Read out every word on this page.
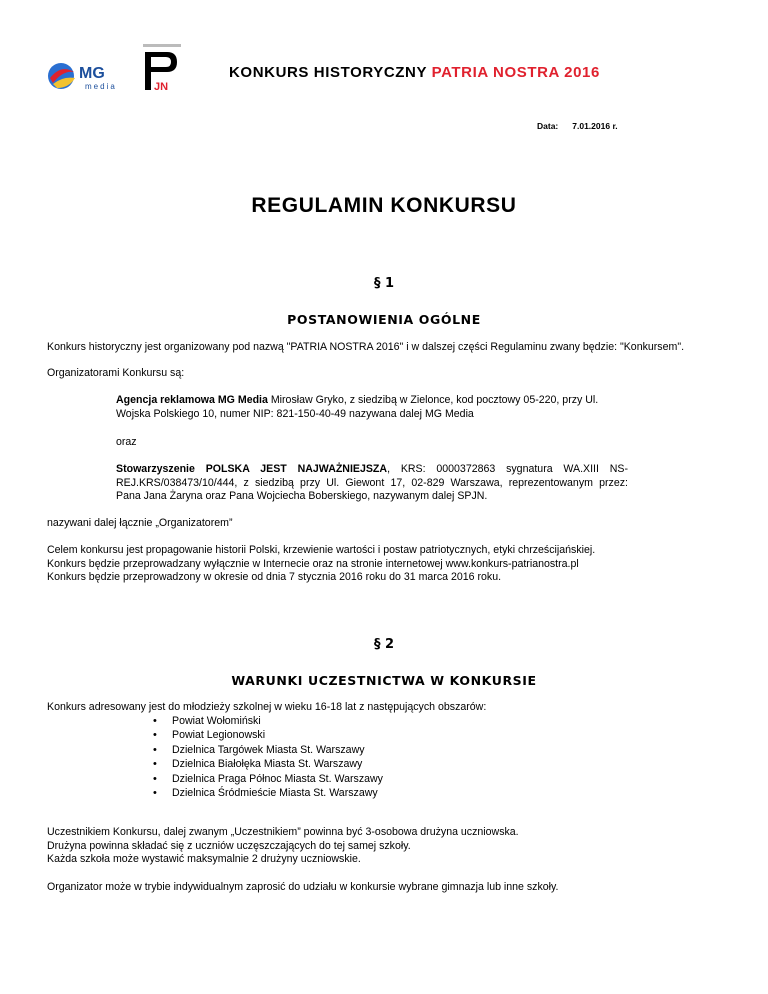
MG
media	JN
KONKURS HISTORYCZNY PATRIA NOSTRA 2016
Data: 7.01.2016 r.
REGULAMIN KONKURSU
§ 1
POSTANOWIENIA OGÓLNE
Konkurs historyczny jest organizowany pod nazwą "PATRIA NOSTRA 2016" i w dalszej części Regulaminu zwany będzie: "Konkursem".
Organizatorami Konkursu są:
Agencja reklamowa MG Media Mirosław Gryko, z siedzibą w Zielonce, kod pocztowy 05-220, przy Ul.
Wojska Polskiego 10, numer NIP: 821-150-40-49 nazywana dalej MG Media
oraz
Stowarzyszenie POLSKA JEST NAJWAŻNIEJSZA, KRS: 0000372863 sygnatura WA.XIII NS-
REJ.KRS/038473/10/444, z siedzibą przy Ul. Giewont 17, 02-829 Warszawa, reprezentowanym przez:
Pana Jana Żaryna oraz Pana Wojciecha Boberskiego, nazywanym dalej SPJN.
nazywani dalej łącznie „Organizatorem”
Celem konkursu jest propagowanie historii Polski, krzewienie wartości i postaw patriotycznych, etyki chrześcijańskiej.
Konkurs będzie przeprowadzany wyłącznie w Internecie oraz na stronie internetowej www.konkurs-patrianostra.pl
Konkurs będzie przeprowadzony w okresie od dnia 7 stycznia 2016 roku do 31 marca 2016 roku.
§ 2
WARUNKI UCZESTNICTWA W KONKURSIE
Konkurs adresowany jest do młodzieży szkolnej w wieku 16-18 lat z następujących obszarów:
• Powiat Wołomiński
• Powiat Legionowski
• Dzielnica Targówek Miasta St. Warszawy
• Dzielnica Białołęka Miasta St. Warszawy
• Dzielnica Praga Północ Miasta St. Warszawy
• Dzielnica Śródmieście Miasta St. Warszawy
Uczestnikiem Konkursu, dalej zwanym „Uczestnikiem” powinna być 3-osobowa drużyna uczniowska.
Drużyna powinna składać się z uczniów uczęszczających do tej samej szkoły.
Każda szkoła może wystawić maksymalnie 2 drużyny uczniowskie.
Organizator może w trybie indywidualnym zaprosić do udziału w konkursie wybrane gimnazja lub inne szkoły.
